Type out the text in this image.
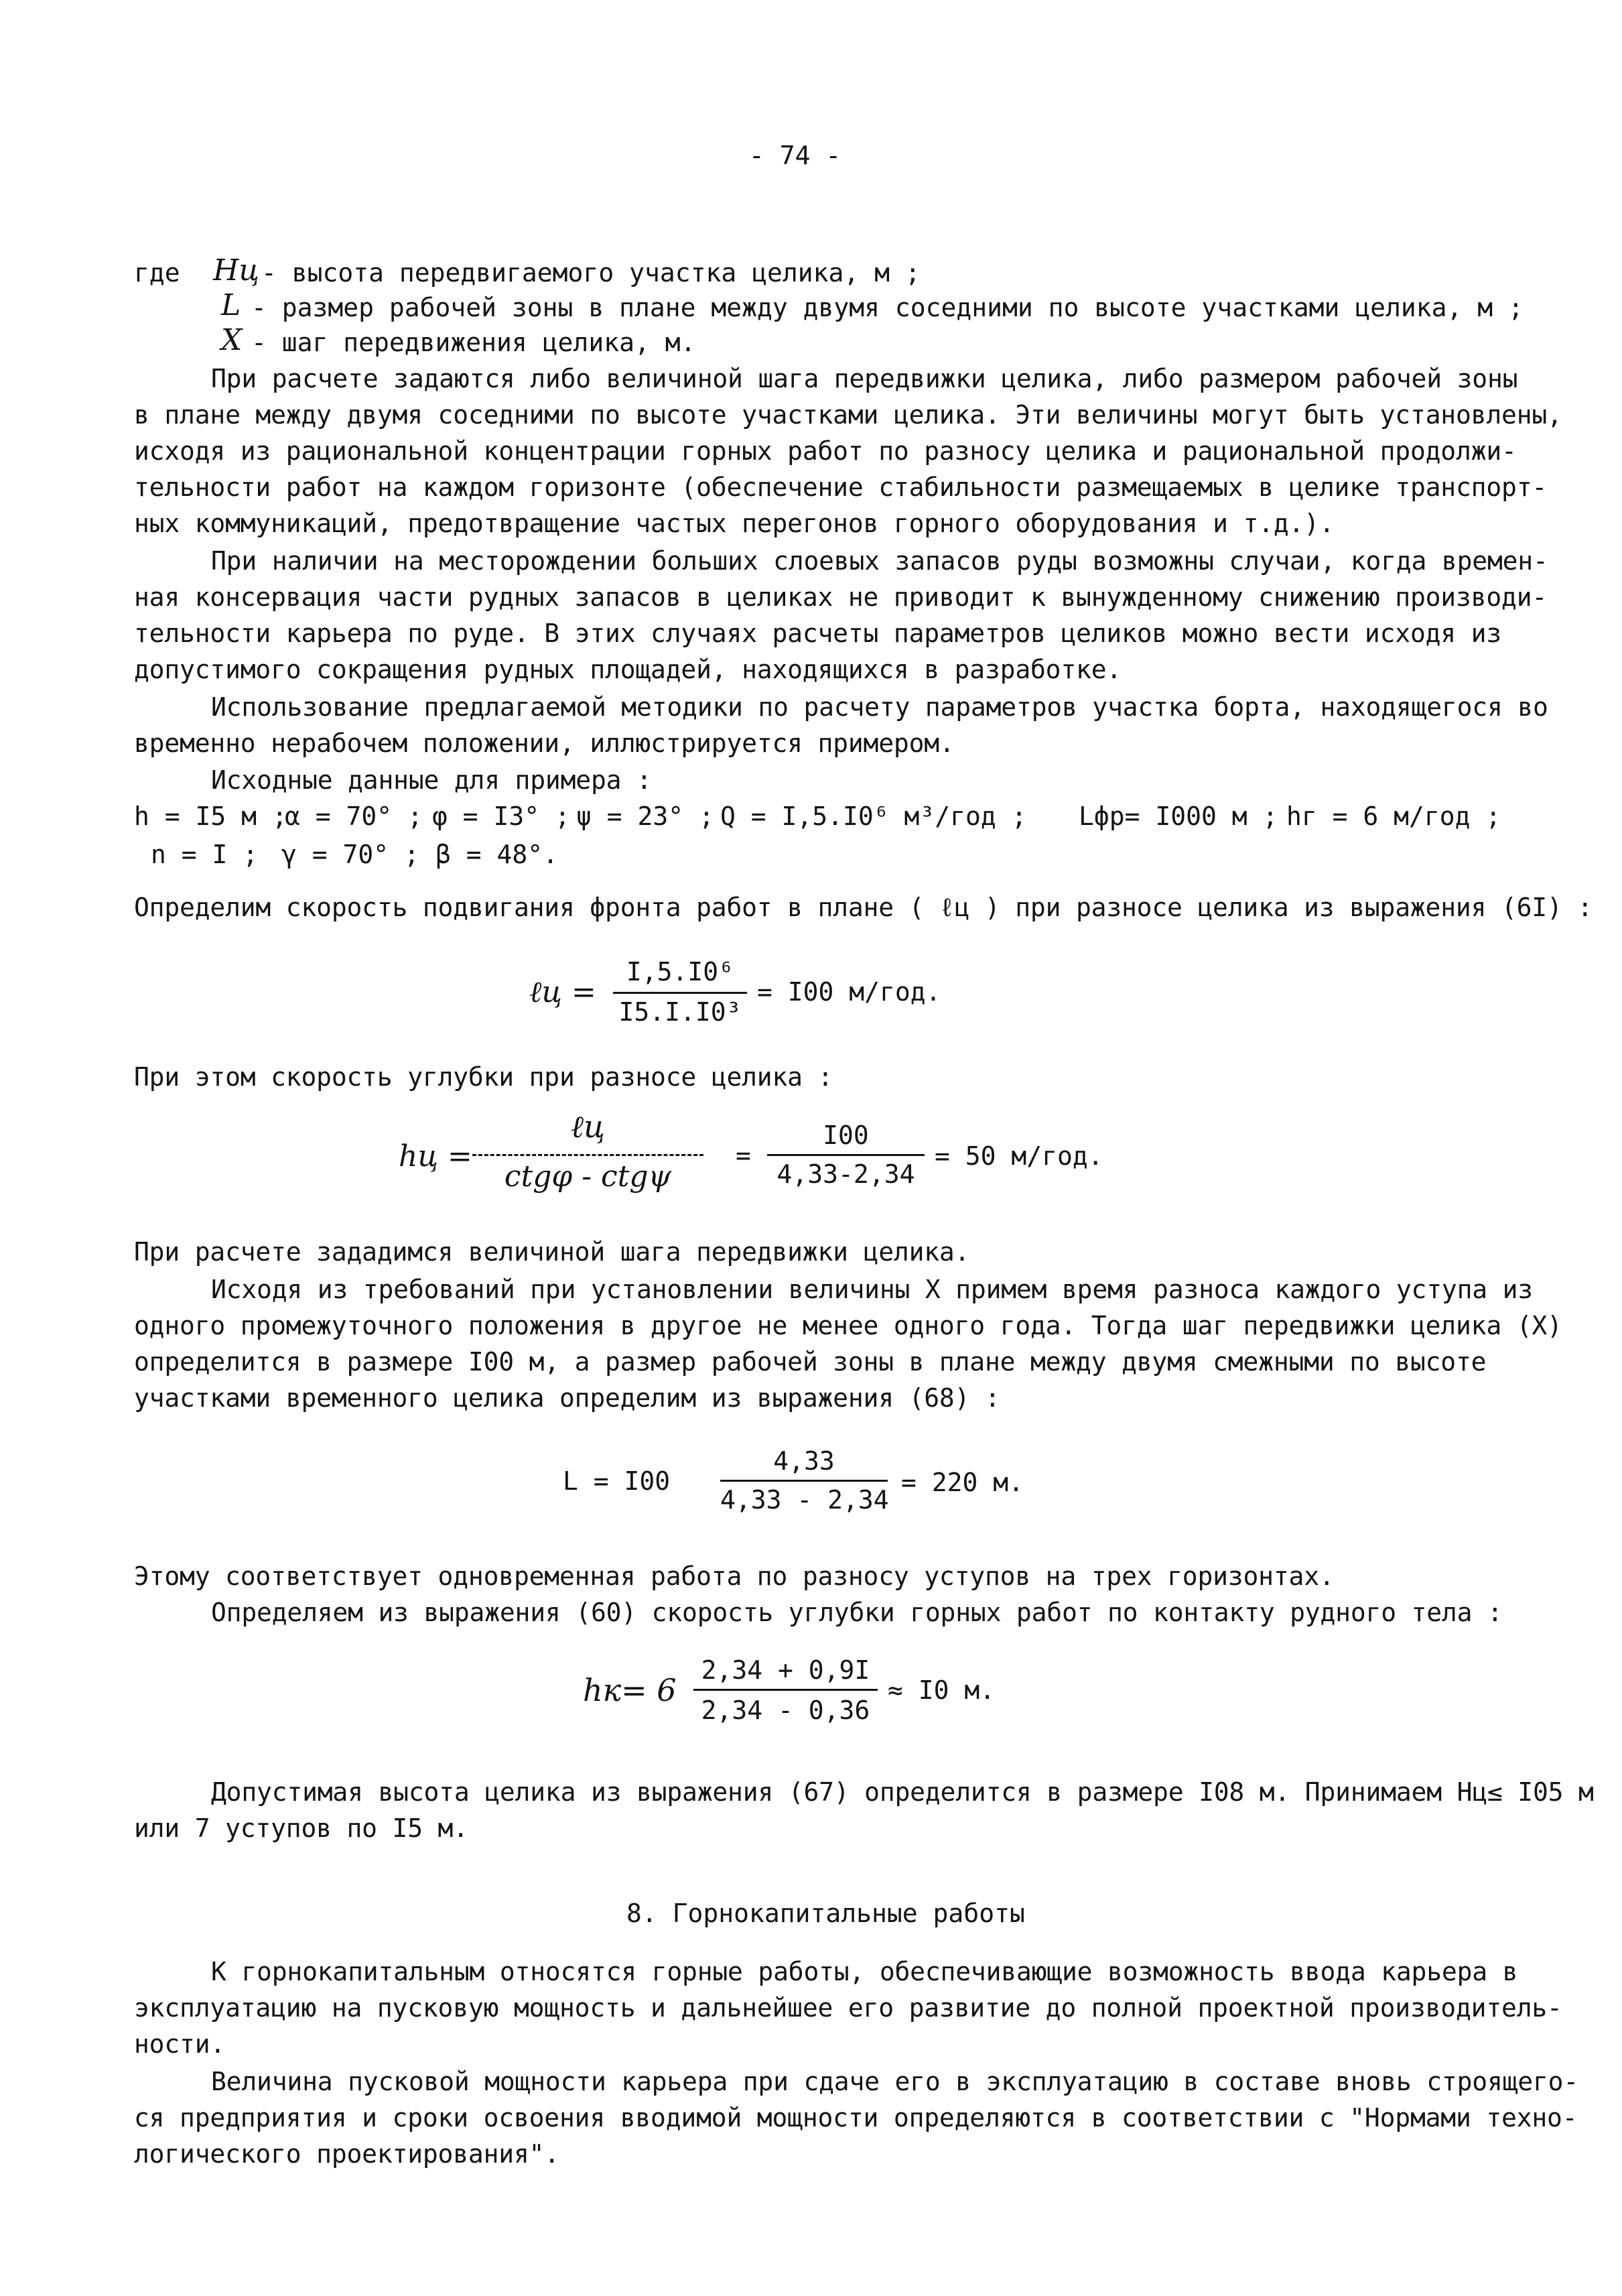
- 74 -
где Hц - высота передвигаемого участка целика, м ;
L - размер рабочей зоны в плане между двумя соседними по высоте участками целика, м ;
X - шаг передвижения целика, м.
При расчете задаются либо величиной шага передвижки целика, либо размером рабочей зоны
в плане между двумя соседними по высоте участками целика. Эти величины могут быть установлены,
исходя из рациональной концентрации горных работ по разносу целика и рациональной продолжи-
тельности работ на каждом горизонте (обеспечение стабильности размещаемых в целике транспорт-
ных коммуникаций, предотвращение частых перегонов горного оборудования и т.д.).
При наличии на месторождении больших слоевых запасов руды возможны случаи, когда времен-
ная консервация части рудных запасов в целиках не приводит к вынужденному снижению производи-
тельности карьера по руде. В этих случаях расчеты параметров целиков можно вести исходя из
допустимого сокращения рудных площадей, находящихся в разработке.
Использование предлагаемой методики по расчету параметров участка борта, находящегося во
временно нерабочем положении, иллюстрируется примером.
Исходные данные для примера :
h = I5 м ;
α = 70° ; φ = I3° ; ψ = 23° ; Q = I,5.I0⁶ м³/год ; Lфр= I000 м ; hг = 6 м/год ;
n = I ; γ = 70° ; β = 48°.
Определим скорость подвигания фронта работ в плане ( ℓц ) при разносе целика из выражения (6I) :
ℓц =
I,5.I0⁶
I5.I.I0³
= I00 м/год.
При этом скорость углубки при разносе целика :
hц =
ℓц
ctgφ - ctgψ
=
I00
4,33-2,34
= 50 м/год.
При расчете зададимся величиной шага передвижки целика.
Исходя из требований при установлении величины X примем время разноса каждого уступа из
одного промежуточного положения в другое не менее одного года. Тогда шаг передвижки целика (X)
определится в размере I00 м, а размер рабочей зоны в плане между двумя смежными по высоте
участками временного целика определим из выражения (68) :
L = I00
4,33
4,33 - 2,34
= 220 м.
Этому соответствует одновременная работа по разносу уступов на трех горизонтах.
Определяем из выражения (60) скорость углубки горных работ по контакту рудного тела :
hк= 6
2,34 + 0,9I
2,34 - 0,36
≈ I0 м.
Допустимая высота целика из выражения (67) определится в размере I08 м. Принимаем Hц≤ I05 м
или 7 уступов по I5 м.
8. Горнокапитальные работы
К горнокапитальным относятся горные работы, обеспечивающие возможность ввода карьера в
эксплуатацию на пусковую мощность и дальнейшее его развитие до полной проектной производитель-
ности.
Величина пусковой мощности карьера при сдаче его в эксплуатацию в составе вновь строящего-
ся предприятия и сроки освоения вводимой мощности определяются в соответствии с "Нормами техно-
логического проектирования".
